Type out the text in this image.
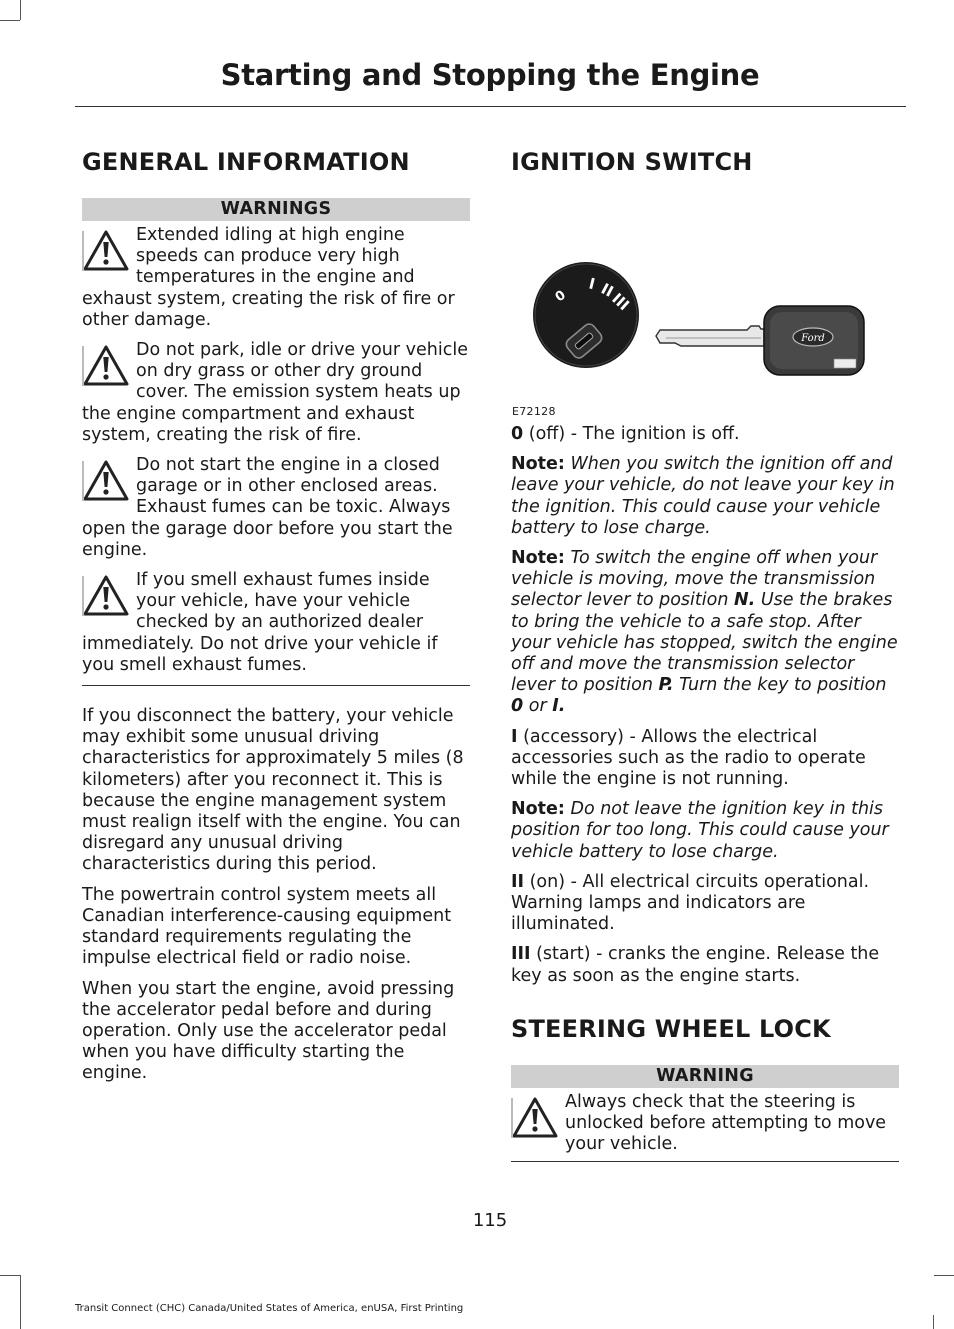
Starting and Stopping the Engine
GENERAL INFORMATION
WARNINGS

Extended idling at high engine speeds can produce very high temperatures in the engine and exhaust system, creating the risk of fire or other damage.

Do not park, idle or drive your vehicle on dry grass or other dry ground cover. The emission system heats up the engine compartment and exhaust system, creating the risk of fire.

Do not start the engine in a closed garage or in other enclosed areas. Exhaust fumes can be toxic. Always open the garage door before you start the engine.

If you smell exhaust fumes inside your vehicle, have your vehicle checked by an authorized dealer immediately. Do not drive your vehicle if you smell exhaust fumes.

If you disconnect the battery, your vehicle may exhibit some unusual driving characteristics for approximately 5 miles (8 kilometers) after you reconnect it. This is because the engine management system must realign itself with the engine. You can disregard any unusual driving characteristics during this period.

The powertrain control system meets all Canadian interference-causing equipment standard requirements regulating the impulse electrical field or radio noise.

When you start the engine, avoid pressing the accelerator pedal before and during operation. Only use the accelerator pedal when you have difficulty starting the engine.

IGNITION SWITCH
0
I II
III
Ford
E72128

0 (off) - The ignition is off.

Note: When you switch the ignition off and leave your vehicle, do not leave your key in the ignition. This could cause your vehicle battery to lose charge.

Note: To switch the engine off when your vehicle is moving, move the transmission selector lever to position N. Use the brakes to bring the vehicle to a safe stop. After your vehicle has stopped, switch the engine off and move the transmission selector lever to position P. Turn the key to position 0 or I.

I (accessory) - Allows the electrical accessories such as the radio to operate while the engine is not running.

Note: Do not leave the ignition key in this position for too long. This could cause your vehicle battery to lose charge.

II (on) - All electrical circuits operational. Warning lamps and indicators are illuminated.

III (start) - cranks the engine. Release the key as soon as the engine starts.

STEERING WHEEL LOCK
WARNING

Always check that the steering is unlocked before attempting to move your vehicle.

115
Transit Connect (CHC) Canada/United States of America, enUSA, First Printing
